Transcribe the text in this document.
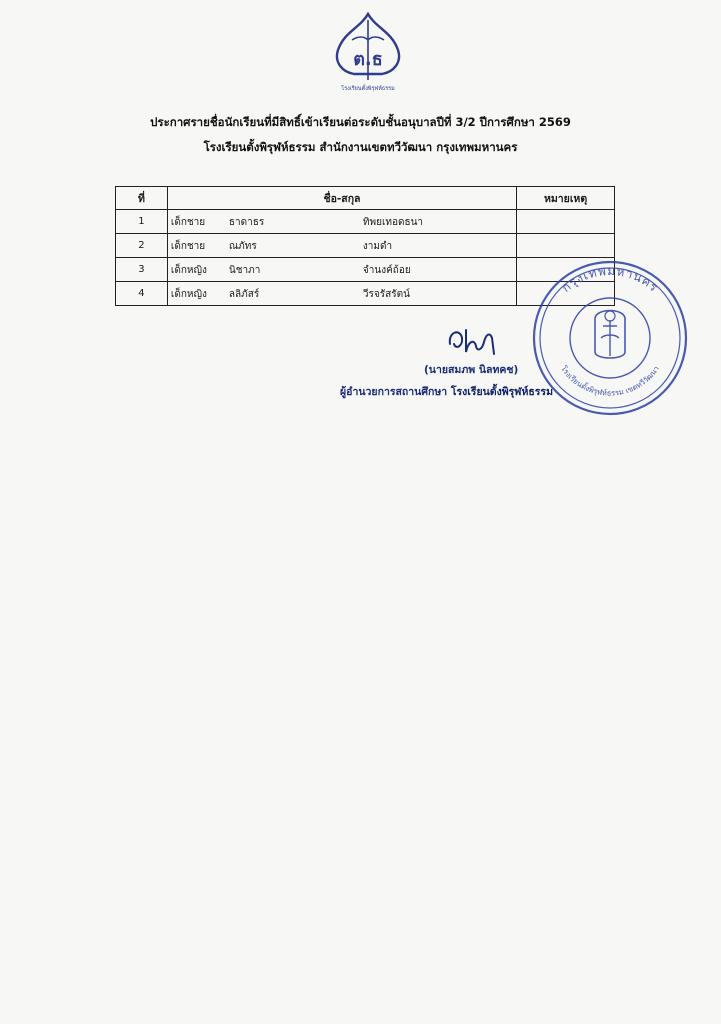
ต.ธ
โรงเรียนตั้งพิรุฬห์ธรรม
ประกาศรายชื่อนักเรียนที่มีสิทธิ์เข้าเรียนต่อระดับชั้นอนุบาลปีที่ 3/2 ปีการศึกษา 2569
โรงเรียนตั้งพิรุฬห์ธรรม สำนักงานเขตทวีวัฒนา กรุงเทพมหานคร
ที่	ชื่อ-สกุล	หมายเหตุ
1	เด็กชาย ธาดาธร ทิพยเทอดธนา	

2	เด็กชาย ณภัทร งามดำ	

3	เด็กหญิง นิชาภา จำนงค์ถ้อย	

4	เด็กหญิง ลลิภัสร์ วีรจรัสรัตน์	
		กรุงเทพมหานคร
โรงเรียนตั้งพิรุฬห์ธรรม เขตทวีวัฒนา
(นายสมภพ นิลทคช)
ผู้อำนวยการสถานศึกษา โรงเรียนตั้งพิรุฬห์ธรรม
